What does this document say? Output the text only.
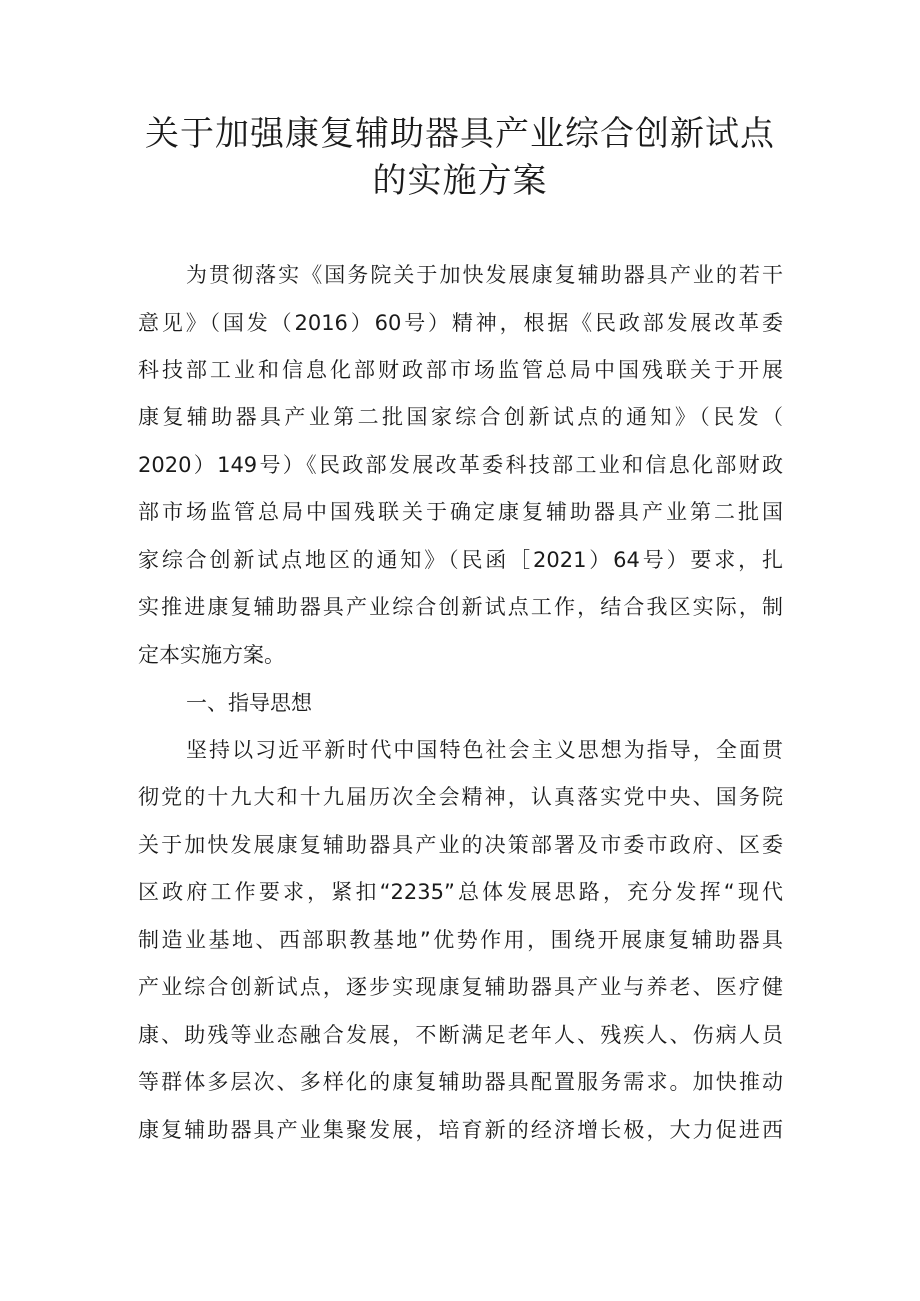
关于加强康复辅助器具产业综合创新试点
的实施方案
为贯彻落实《国务院关于加快发展康复辅助器具产业的若干
意见》（国发（2016）60号）精神，根据《民政部发展改革委
科技部工业和信息化部财政部市场监管总局中国残联关于开展
康复辅助器具产业第二批国家综合创新试点的通知》（民发（
2020）149号）《民政部发展改革委科技部工业和信息化部财政
部市场监管总局中国残联关于确定康复辅助器具产业第二批国
家综合创新试点地区的通知》（民函［2021）64号）要求，扎
实推进康复辅助器具产业综合创新试点工作，结合我区实际，制
定本实施方案。
一、指导思想
坚持以习近平新时代中国特色社会主义思想为指导，全面贯
彻党的十九大和十九届历次全会精神，认真落实党中央、国务院
关于加快发展康复辅助器具产业的决策部署及市委市政府、区委
区政府工作要求，紧扣“2235”总体发展思路，充分发挥“现代
制造业基地、西部职教基地”优势作用，围绕开展康复辅助器具
产业综合创新试点，逐步实现康复辅助器具产业与养老、医疗健
康、助残等业态融合发展，不断满足老年人、残疾人、伤病人员
等群体多层次、多样化的康复辅助器具配置服务需求。加快推动
康复辅助器具产业集聚发展，培育新的经济增长极，大力促进西
